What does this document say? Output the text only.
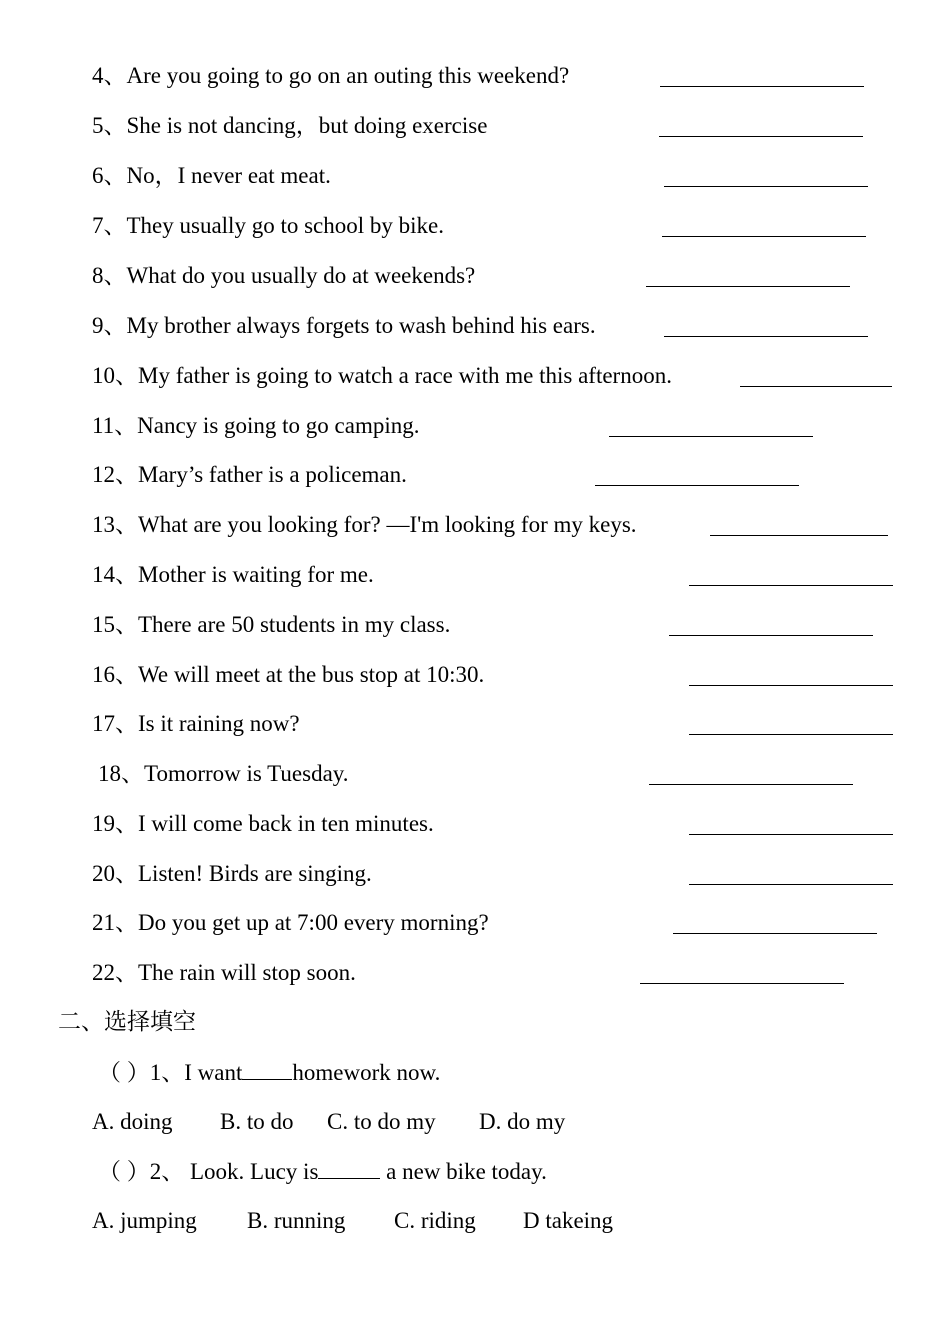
4、Are you going to go on an outing this weekend?
5、She is not dancing，but doing exercise
6、No，I never eat meat.
7、They usually go to school by bike.
8、What do you usually do at weekends?
9、My brother always forgets to wash behind his ears.
10、My father is going to watch a race with me this afternoon.
11、Nancy is going to go camping.
12、Mary’s father is a policeman.
13、What are you looking for? —I'm looking for my keys.
14、Mother is waiting for me.
15、There are 50 students in my class.
16、We will meet at the bus stop at 10:30.
17、Is it raining now?
18、Tomorrow is Tuesday.
19、I will come back in ten minutes.
20、Listen! Birds are singing.
21、Do you get up at 7:00 every morning?
22、The rain will stop soon.
二、选择填空
（ ）1、I want homework now.
A. doing B. to do C. to do my D. do my
（ ）2、 Look. Lucy is	a new bike today.
A. jumping B. running C. riding D takeing
